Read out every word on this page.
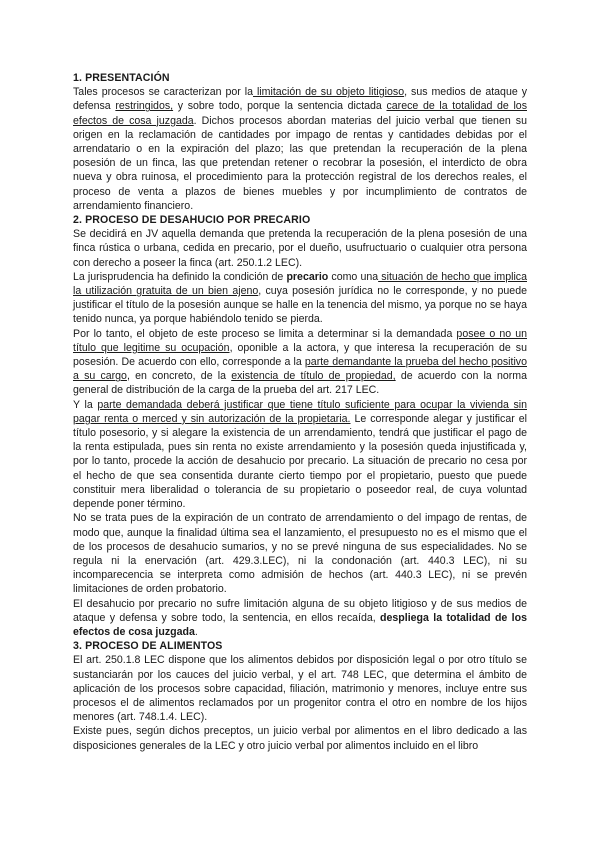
1. PRESENTACIÓN

Tales procesos se caracterizan por la limitación de su objeto litigioso, sus medios de ataque y defensa restringidos, y sobre todo, porque la sentencia dictada carece de la totalidad de los efectos de cosa juzgada. Dichos procesos abordan materias del juicio verbal que tienen su origen en la reclamación de cantidades por impago de rentas y cantidades debidas por el arrendatario o en la expiración del plazo; las que pretendan la recuperación de la plena posesión de un finca, las que pretendan retener o recobrar la posesión, el interdicto de obra nueva y obra ruinosa, el procedimiento para la protección registral de los derechos reales, el proceso de venta a plazos de bienes muebles y por incumplimiento de contratos de arrendamiento financiero.

2. PROCESO DE DESAHUCIO POR PRECARIO

Se decidirá en JV aquella demanda que pretenda la recuperación de la plena posesión de una finca rústica o urbana, cedida en precario, por el dueño, usufructuario o cualquier otra persona con derecho a poseer la finca (art. 250.1.2 LEC).

La jurisprudencia ha definido la condición de precario como una situación de hecho que implica la utilización gratuita de un bien ajeno, cuya posesión jurídica no le corresponde, y no puede justificar el título de la posesión aunque se halle en la tenencia del mismo, ya porque no se haya tenido nunca, ya porque habiéndolo tenido se pierda.

Por lo tanto, el objeto de este proceso se limita a determinar si la demandada posee o no un título que legitime su ocupación, oponible a la actora, y que interesa la recuperación de su posesión. De acuerdo con ello, corresponde a la parte demandante la prueba del hecho positivo a su cargo, en concreto, de la existencia de título de propiedad, de acuerdo con la norma general de distribución de la carga de la prueba del art. 217 LEC.

Y la parte demandada deberá justificar que tiene título suficiente para ocupar la vivienda sin pagar renta o merced y sin autorización de la propietaria. Le corresponde alegar y justificar el título posesorio, y si alegare la existencia de un arrendamiento, tendrá que justificar el pago de la renta estipulada, pues sin renta no existe arrendamiento y la posesión queda injustificada y, por lo tanto, procede la acción de desahucio por precario. La situación de precario no cesa por el hecho de que sea consentida durante cierto tiempo por el propietario, puesto que puede constituir mera liberalidad o tolerancia de su propietario o poseedor real, de cuya voluntad depende poner término.

No se trata pues de la expiración de un contrato de arrendamiento o del impago de rentas, de modo que, aunque la finalidad última sea el lanzamiento, el presupuesto no es el mismo que el de los procesos de desahucio sumarios, y no se prevé ninguna de sus especialidades. No se regula ni la enervación (art. 429.3.LEC), ni la condonación (art. 440.3 LEC), ni su incomparecencia se interpreta como admisión de hechos (art. 440.3 LEC), ni se prevén limitaciones de orden probatorio.

El desahucio por precario no sufre limitación alguna de su objeto litigioso y de sus medios de ataque y defensa y sobre todo, la sentencia, en ellos recaída, despliega la totalidad de los efectos de cosa juzgada.

3. PROCESO DE ALIMENTOS

El art. 250.1.8 LEC dispone que los alimentos debidos por disposición legal o por otro título se sustanciarán por los cauces del juicio verbal, y el art. 748 LEC, que determina el ámbito de aplicación de los procesos sobre capacidad, filiación, matrimonio y menores, incluye entre sus procesos el de alimentos reclamados por un progenitor contra el otro en nombre de los hijos menores (art. 748.1.4. LEC).

Existe pues, según dichos preceptos, un juicio verbal por alimentos en el libro dedicado a las disposiciones generales de la LEC y otro juicio verbal por alimentos incluido en el libro
